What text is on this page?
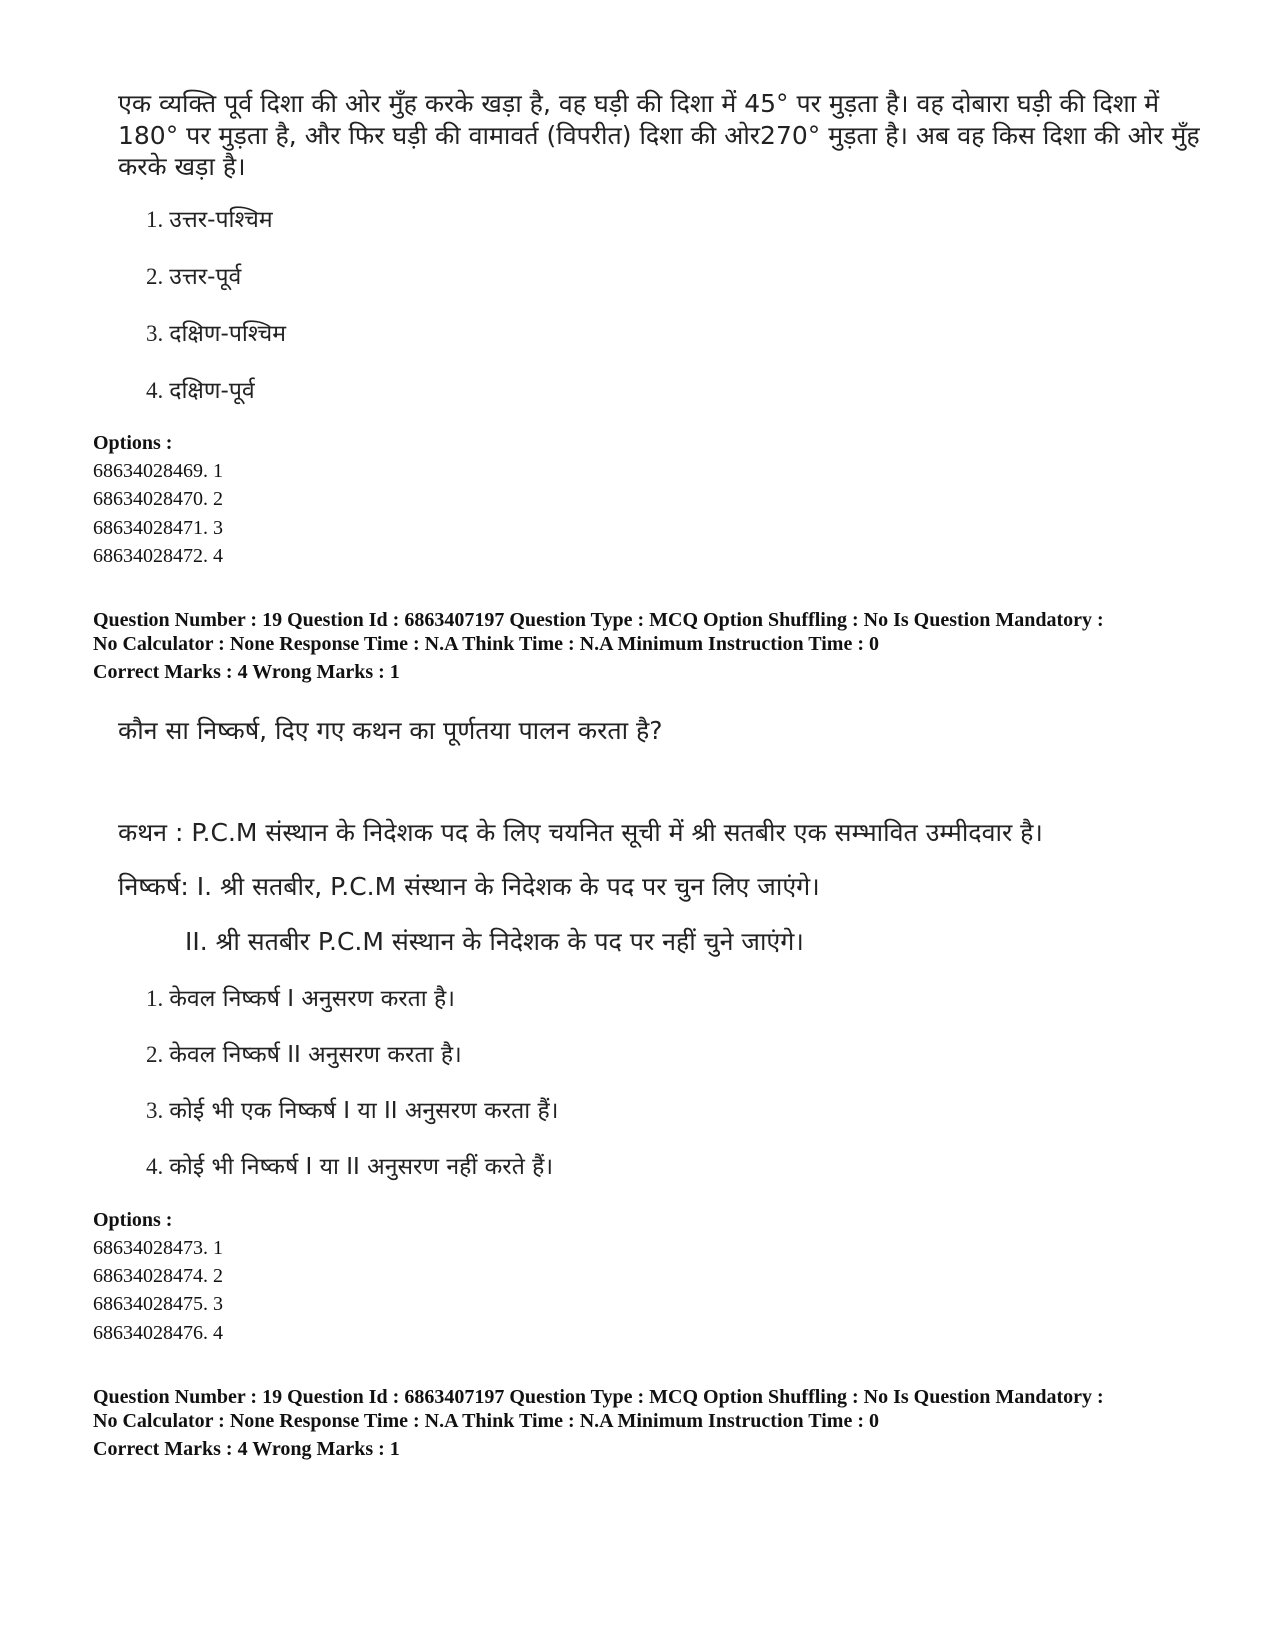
एक व्यक्ति पूर्व दिशा की ओर मुँह करके खड़ा है, वह घड़ी की दिशा में 45° पर मुड़ता है। वह दोबारा घड़ी की दिशा में
180° पर मुड़ता है, और फिर घड़ी की वामावर्त (विपरीत) दिशा की ओर270° मुड़ता है। अब वह किस दिशा की ओर मुँह
करके खड़ा है।
1. उत्तर-पश्चिम
2. उत्तर-पूर्व
3. दक्षिण-पश्चिम
4. दक्षिण-पूर्व
Options :
68634028469. 1
68634028470. 2
68634028471. 3
68634028472. 4
Question Number : 19 Question Id : 6863407197 Question Type : MCQ Option Shuffling : No Is Question Mandatory :
No Calculator : None Response Time : N.A Think Time : N.A Minimum Instruction Time : 0
Correct Marks : 4 Wrong Marks : 1
कौन सा निष्कर्ष, दिए गए कथन का पूर्णतया पालन करता है?
कथन : P.C.M संस्थान के निदेशक पद के लिए चयनित सूची में श्री सतबीर एक सम्भावित उम्मीदवार है।
निष्कर्ष: I. श्री सतबीर, P.C.M संस्थान के निदेशक के पद पर चुन लिए जाएंगे।
II. श्री सतबीर P.C.M संस्थान के निदेशक के पद पर नहीं चुने जाएंगे।
1. केवल निष्कर्ष I अनुसरण करता है।
2. केवल निष्कर्ष II अनुसरण करता है।
3. कोई भी एक निष्कर्ष I या II अनुसरण करता हैं।
4. कोई भी निष्कर्ष I या II अनुसरण नहीं करते हैं।
Options :
68634028473. 1
68634028474. 2
68634028475. 3
68634028476. 4
Question Number : 19 Question Id : 6863407197 Question Type : MCQ Option Shuffling : No Is Question Mandatory :
No Calculator : None Response Time : N.A Think Time : N.A Minimum Instruction Time : 0
Correct Marks : 4 Wrong Marks : 1
